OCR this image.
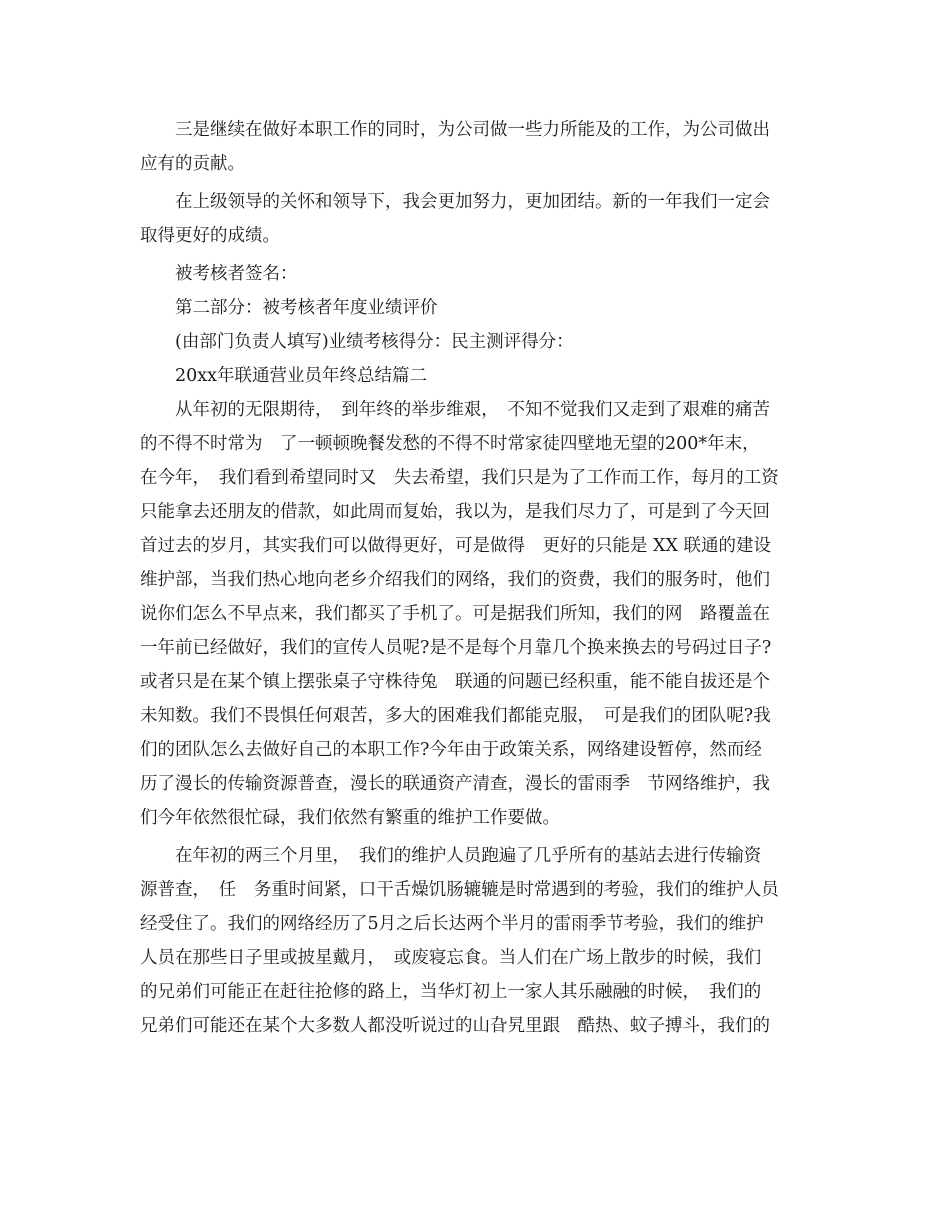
　　三是继续在做好本职工作的同时，为公司做一些力所能及的工作，为公司做出
应有的贡献。
　　在上级领导的关怀和领导下，我会更加努力，更加团结。新的一年我们一定会
取得更好的成绩。
　　被考核者签名：
　　第二部分：被考核者年度业绩评价
　　(由部门负责人填写)业绩考核得分：民主测评得分：
　　20xx年联通营业员年终总结篇二
　　从年初的无限期待，　到年终的举步维艰，　不知不觉我们又走到了艰难的痛苦
的不得不时常为　了一顿顿晚餐发愁的不得不时常家徒四壁地无望的200*年末，
在今年，　我们看到希望同时又　失去希望，我们只是为了工作而工作，每月的工资
只能拿去还朋友的借款，如此周而复始，我以为，是我们尽力了，可是到了今天回
首过去的岁月，其实我们可以做得更好，可是做得　更好的只能是 XX 联通的建设
维护部，当我们热心地向老乡介绍我们的网络，我们的资费，我们的服务时，他们
说你们怎么不早点来，我们都买了手机了。可是据我们所知，我们的网　路覆盖在
一年前已经做好，我们的宣传人员呢?是不是每个月靠几个换来换去的号码过日子?
或者只是在某个镇上摆张桌子守株待兔　联通的问题已经积重，能不能自拔还是个
未知数。我们不畏惧任何艰苦，多大的困难我们都能克服，　可是我们的团队呢?我
们的团队怎么去做好自己的本职工作?今年由于政策关系，网络建设暂停，然而经
历了漫长的传输资源普查，漫长的联通资产清查，漫长的雷雨季　节网络维护，我
们今年依然很忙碌，我们依然有繁重的维护工作要做。
　　在年初的两三个月里，　我们的维护人员跑遍了几乎所有的基站去进行传输资
源普查，　任　务重时间紧，口干舌燥饥肠辘辘是时常遇到的考验，我们的维护人员
经受住了。我们的网络经历了5月之后长达两个半月的雷雨季节考验，我们的维护
人员在那些日子里或披星戴月，　或废寝忘食。当人们在广场上散步的时候，我们
的兄弟们可能正在赶往抢修的路上，当华灯初上一家人其乐融融的时候，　我们的
兄弟们可能还在某个大多数人都没听说过的山旮旯里跟　酷热、蚊子搏斗，我们的
